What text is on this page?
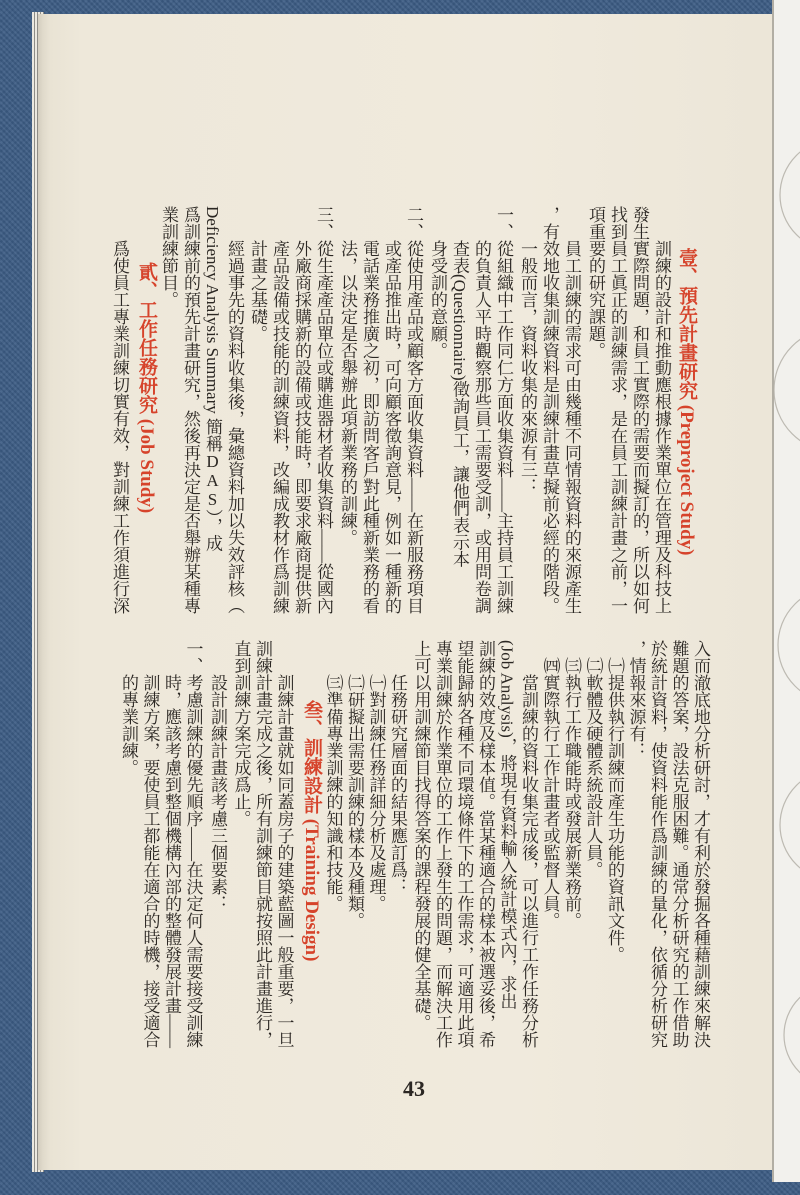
壹、預先計畫研究 (Preproject Study)
訓練的設計和推動應根據作業單位在管理及科技上
發生實際問題，和員工實際的需要而擬訂的，所以如何
找到員工眞正的訓練需求，是在員工訓練計畫之前，一
項重要的研究課題。
員工訓練的需求可由幾種不同情報資料的來源產生
，有效地收集訓練資料是訓練計畫草擬前必經的階段。
一般而言，資料收集的來源有三：
一、從組織中工作同仁方面收集資料——主持員工訓練
的負責人平時觀察那些員工需要受訓，或用問卷調
查表(Questionnaire)徵詢員工，讓他們表示本
身受訓的意願。
二、從使用產品或顧客方面收集資料——在新服務項目
或產品推出時，可向顧客徵詢意見，例如一種新的
電話業務推廣之初，即訪問客戶對此種新業務的看
法，以決定是否舉辦此項新業務的訓練。
三、從生產產品單位或購進器材者收集資料——從國內
外廠商採購新的設備或技能時，即要求廠商提供新
產品設備或技能的訓練資料，改編成教材作爲訓練
計畫之基礎。
經過事先的資料收集後，彙總資料加以失效評核（
Deficiency Analysis Summary 簡稱DAS），成
爲訓練前的預先計畫研究，然後再決定是否舉辦某種專
業訓練節目。
貳、工作任務研究 (Job Study)
爲使員工專業訓練切實有效，對訓練工作須進行深
入而澈底地分析研討，才有利於發掘各種藉訓練來解決
難題的答案，設法克服困難。通常分析研究的工作借助
於統計資料，使資料能作爲訓練的量化，依循分析研究
，情報來源有：
㈠提供執行訓練而產生功能的資訊文件。
㈡軟體及硬體系統設計人員。
㈢執行工作職能時或發展新業務前。
㈣實際執行工作計畫者或監督人員。
當訓練的資料收集完成後，可以進行工作任務分析
(Job Analysis)，將現有資料輸入統計模式內，求出
訓練的效度及樣本值。當某種適合的樣本被選妥後，希
望能歸納各種不同環境條件下的工作需求，可適用此項
專業訓練於作業單位的工作上發生的問題，而解決工作
上可以用訓練節目找得答案的課程發展的健全基礎。
任務研究層面的結果應訂爲：
㈠對訓練任務詳細分析及處理。
㈡研擬出需要訓練的樣本及種類。
㈢準備專業訓練的知識和技能。
叁、訓練設計 (Training Design)
訓練計畫就如同蓋房子的建築藍圖一般重要，一旦
訓練計畫完成之後，所有訓練節目就按照此計畫進行，
直到訓練方案完成爲止。
設計訓練計畫該考慮三個要素：
一、考慮訓練的優先順序——在決定何人需要接受訓練
時，應該考慮到整個機構內部的整體發展計畫——
訓練方案，要使員工都能在適合的時機，接受適合
的專業訓練。
43
